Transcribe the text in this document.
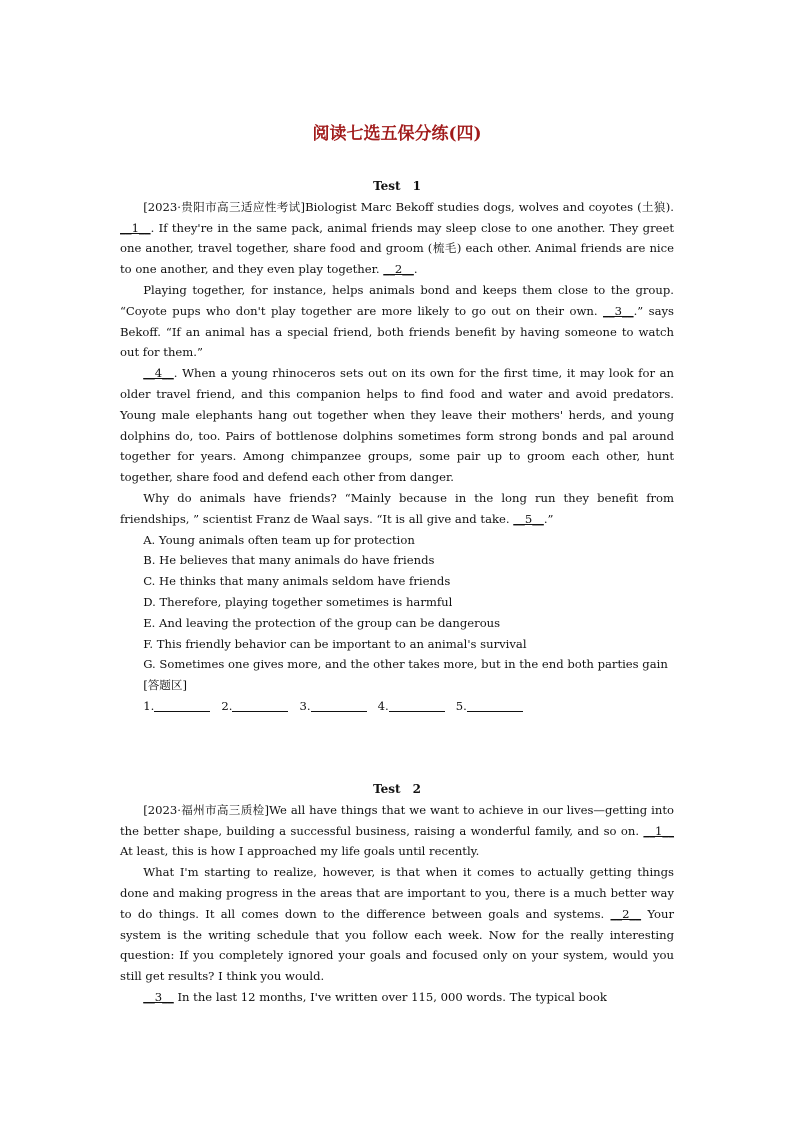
阅读七选五保分练(四)

Test　1

[2023·贵阳市高三适应性考试]Biologist Marc Bekoff studies dogs, wolves and coyotes (土狼). __1__. If they're in the same pack, animal friends may sleep close to one another. They greet one another, travel together, share food and groom (梳毛) each other. Animal friends are nice to one another, and they even play together. __2__.

Playing together, for instance, helps animals bond and keeps them close to the group. “Coyote pups who don't play together are more likely to go out on their own. __3__.” says Bekoff. “If an animal has a special friend, both friends benefit by having someone to watch out for them.”

__4__. When a young rhinoceros sets out on its own for the first time, it may look for an older travel friend, and this companion helps to find food and water and avoid predators. Young male elephants hang out together when they leave their mothers' herds, and young dolphins do, too. Pairs of bottlenose dolphins sometimes form strong bonds and pal around together for years. Among chimpanzee groups, some pair up to groom each other, hunt together, share food and defend each other from danger.

Why do animals have friends? “Mainly because in the long run they benefit from friendships, ” scientist Franz de Waal says. “It is all give and take. __5__.”

A. Young animals often team up for protection

B. He believes that many animals do have friends

C. He thinks that many animals seldom have friends

D. Therefore, playing together sometimes is harmful

E. And leaving the protection of the group can be dangerous

F. This friendly behavior can be important to an animal's survival

G. Sometimes one gives more, and the other takes more, but in the end both parties gain

[答题区]

1.	2.	3.	4.	5.

Test　2

[2023·福州市高三质检]We all have things that we want to achieve in our lives—getting into the better shape, building a successful business, raising a wonderful family, and so on. __1__ At least, this is how I approached my life goals until recently.

What I'm starting to realize, however, is that when it comes to actually getting things done and making progress in the areas that are important to you, there is a much better way to do things. It all comes down to the difference between goals and systems. __2__ Your system is the writing schedule that you follow each week. Now for the really interesting question: If you completely ignored your goals and focused only on your system, would you still get results? I think you would.

__3__ In the last 12 months, I've written over 115, 000 words. The typical book
